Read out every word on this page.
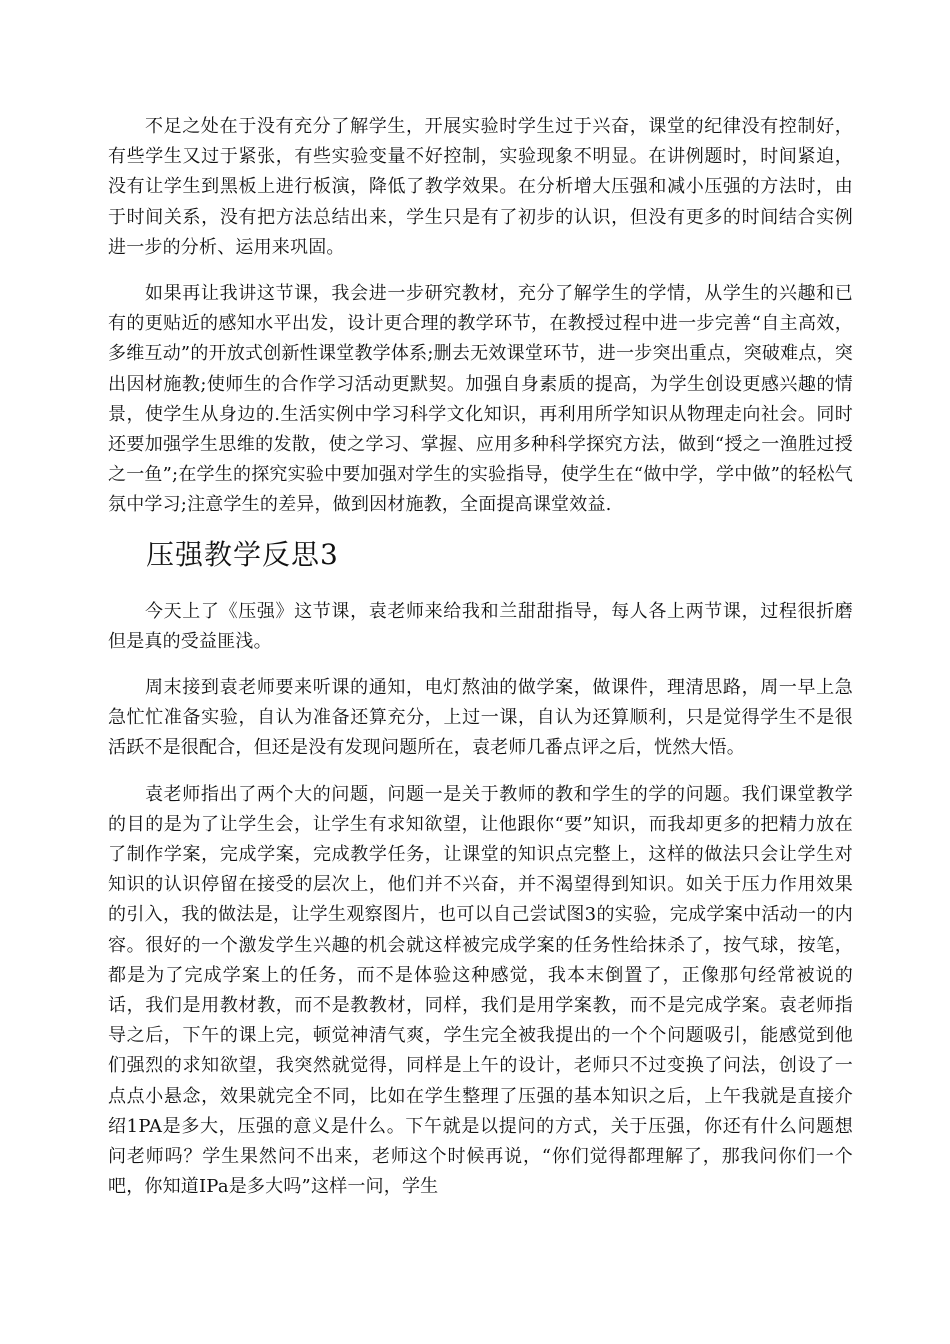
不足之处在于没有充分了解学生，开展实验时学生过于兴奋，课堂的纪律没有控制好，有些学生又过于紧张，有些实验变量不好控制，实验现象不明显。在讲例题时，时间紧迫，没有让学生到黑板上进行板演，降低了教学效果。在分析增大压强和减小压强的方法时，由于时间关系，没有把方法总结出来，学生只是有了初步的认识，但没有更多的时间结合实例进一步的分析、运用来巩固。

如果再让我讲这节课，我会进一步研究教材，充分了解学生的学情，从学生的兴趣和已有的更贴近的感知水平出发，设计更合理的教学环节，在教授过程中进一步完善“自主高效，多维互动”的开放式创新性课堂教学体系;删去无效课堂环节，进一步突出重点，突破难点，突出因材施教;使师生的合作学习活动更默契。加强自身素质的提高，为学生创设更感兴趣的情景，使学生从身边的.生活实例中学习科学文化知识，再利用所学知识从物理走向社会。同时还要加强学生思维的发散，使之学习、掌握、应用多种科学探究方法，做到“授之一渔胜过授之一鱼”;在学生的探究实验中要加强对学生的实验指导，使学生在“做中学，学中做”的轻松气氛中学习;注意学生的差异，做到因材施教，全面提高课堂效益.

压强教学反思3

今天上了《压强》这节课，袁老师来给我和兰甜甜指导，每人各上两节课，过程很折磨但是真的受益匪浅。

周末接到袁老师要来听课的通知，电灯熬油的做学案，做课件，理清思路，周一早上急急忙忙准备实验，自认为准备还算充分，上过一课，自认为还算顺利，只是觉得学生不是很活跃不是很配合，但还是没有发现问题所在，袁老师几番点评之后，恍然大悟。

袁老师指出了两个大的问题，问题一是关于教师的教和学生的学的问题。我们课堂教学的目的是为了让学生会，让学生有求知欲望，让他跟你“要”知识，而我却更多的把精力放在了制作学案，完成学案，完成教学任务，让课堂的知识点完整上，这样的做法只会让学生对知识的认识停留在接受的层次上，他们并不兴奋，并不渴望得到知识。如关于压力作用效果的引入，我的做法是，让学生观察图片，也可以自己尝试图3的实验，完成学案中活动一的内容。很好的一个激发学生兴趣的机会就这样被完成学案的任务性给抹杀了，按气球，按笔，都是为了完成学案上的任务，而不是体验这种感觉，我本末倒置了，正像那句经常被说的话，我们是用教材教，而不是教教材，同样，我们是用学案教，而不是完成学案。袁老师指导之后，下午的课上完，顿觉神清气爽，学生完全被我提出的一个个问题吸引，能感觉到他们强烈的求知欲望，我突然就觉得，同样是上午的设计，老师只不过变换了问法，创设了一点点小悬念，效果就完全不同，比如在学生整理了压强的基本知识之后，上午我就是直接介绍1PA是多大，压强的意义是什么。下午就是以提问的方式，关于压强，你还有什么问题想问老师吗？学生果然问不出来，老师这个时候再说，“你们觉得都理解了，那我问你们一个吧，你知道IPa是多大吗”这样一问，学生
